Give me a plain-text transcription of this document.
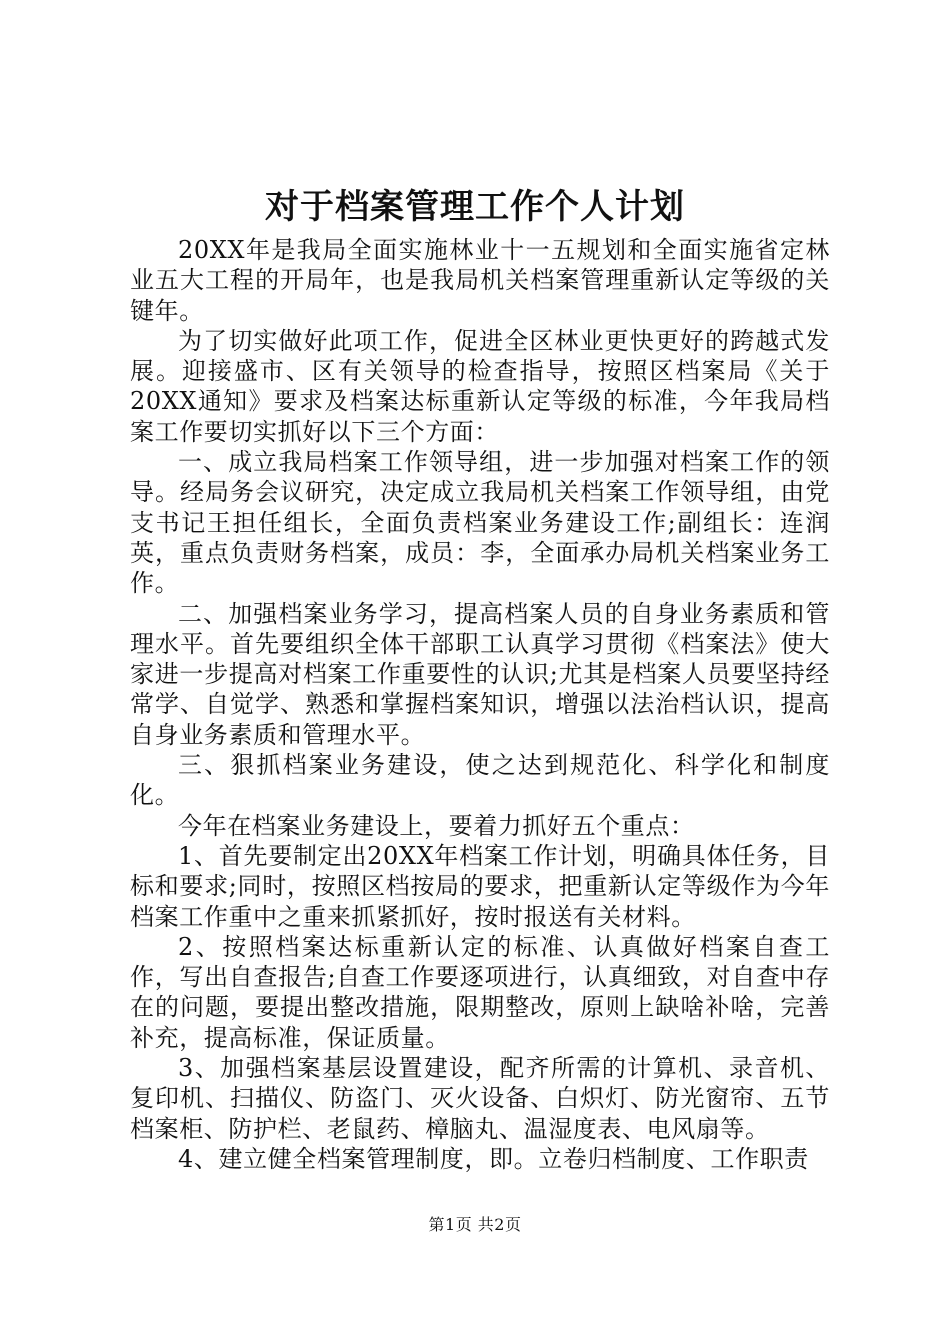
对于档案管理工作个人计划

20XX年是我局全面实施林业十一五规划和全面实施省定林业五大工程的开局年，也是我局机关档案管理重新认定等级的关键年。

为了切实做好此项工作，促进全区林业更快更好的跨越式发展。迎接盛市、区有关领导的检查指导，按照区档案局《关于20XX通知》要求及档案达标重新认定等级的标准，今年我局档案工作要切实抓好以下三个方面：

一、成立我局档案工作领导组，进一步加强对档案工作的领导。经局务会议研究，决定成立我局机关档案工作领导组，由党支书记王担任组长，全面负责档案业务建设工作;副组长：连润英，重点负责财务档案，成员：李，全面承办局机关档案业务工作。

二、加强档案业务学习，提高档案人员的自身业务素质和管理水平。首先要组织全体干部职工认真学习贯彻《档案法》使大家进一步提高对档案工作重要性的认识;尤其是档案人员要坚持经常学、自觉学、熟悉和掌握档案知识，增强以法治档认识，提高自身业务素质和管理水平。

三、狠抓档案业务建设，使之达到规范化、科学化和制度化。

今年在档案业务建设上，要着力抓好五个重点：

1、首先要制定出20XX年档案工作计划，明确具体任务，目标和要求;同时，按照区档按局的要求，把重新认定等级作为今年档案工作重中之重来抓紧抓好，按时报送有关材料。

2、按照档案达标重新认定的标准、认真做好档案自查工作，写出自查报告;自查工作要逐项进行，认真细致，对自查中存在的问题，要提出整改措施，限期整改，原则上缺啥补啥，完善补充，提高标准，保证质量。

3、加强档案基层设置建设，配齐所需的计算机、录音机、复印机、扫描仪、防盗门、灭火设备、白炽灯、防光窗帘、五节档案柜、防护栏、老鼠药、樟脑丸、温湿度表、电风扇等。

4、建立健全档案管理制度，即。立卷归档制度、工作职责

第1页 共2页
